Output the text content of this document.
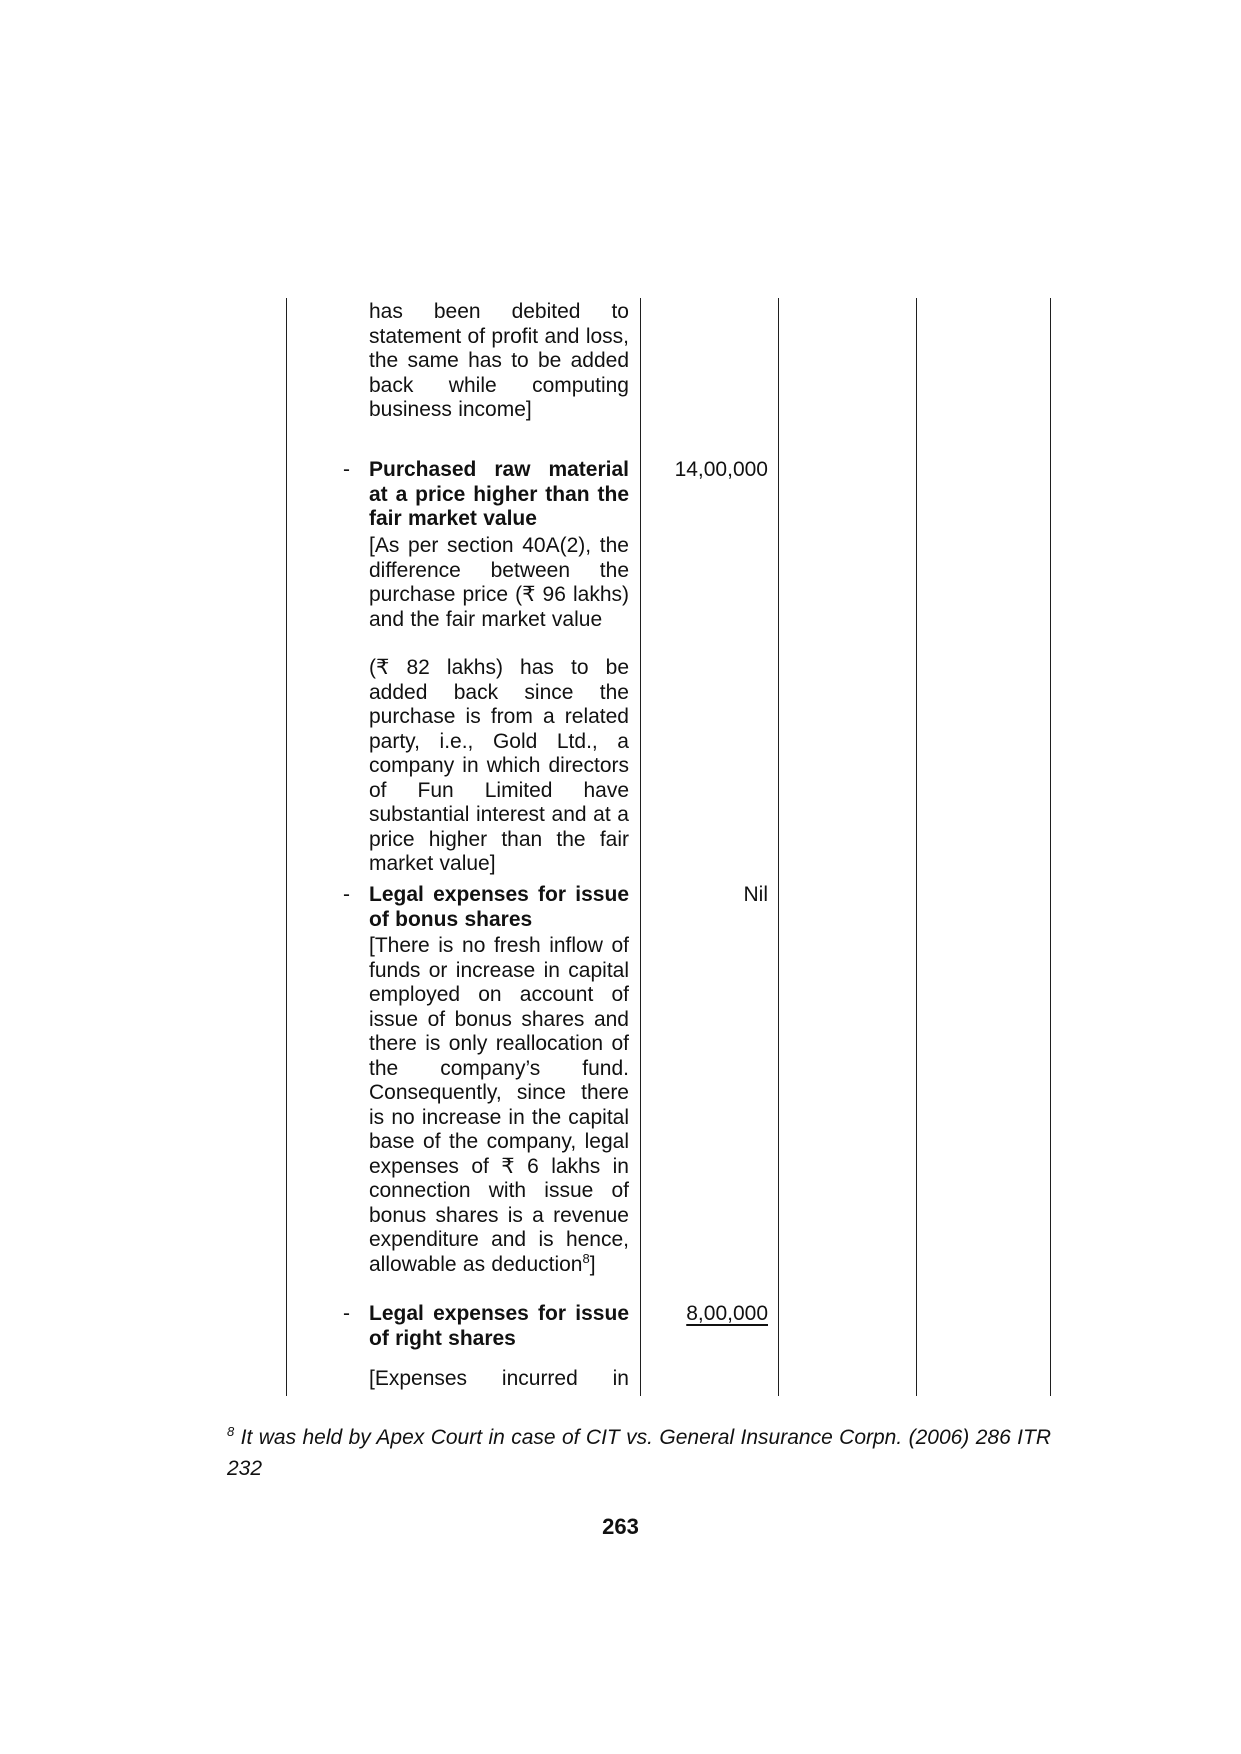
has been debited to statement of profit and loss, the same has to be added back while computing business income]
- Purchased raw material at a price higher than the fair market value
[As per section 40A(2), the difference between the purchase price (₹ 96 lakhs) and the fair market value
(₹ 82 lakhs) has to be added back since the purchase is from a related party, i.e., Gold Ltd., a company in which directors of Fun Limited have substantial interest and at a price higher than the fair market value]
- Legal expenses for issue of bonus shares
[There is no fresh inflow of funds or increase in capital employed on account of issue of bonus shares and there is only reallocation of the company’s fund. Consequently, since there is no increase in the capital base of the company, legal expenses of ₹ 6 lakhs in connection with issue of bonus shares is a revenue expenditure and is hence, allowable as deduction$^8$]
- Legal expenses for issue of right shares
[Expenses incurred in
14,00,000
Nil
8,00,000
$^8$ It was held by Apex Court in case of CIT vs. General Insurance Corpn. (2006) 286 ITR 232
263
